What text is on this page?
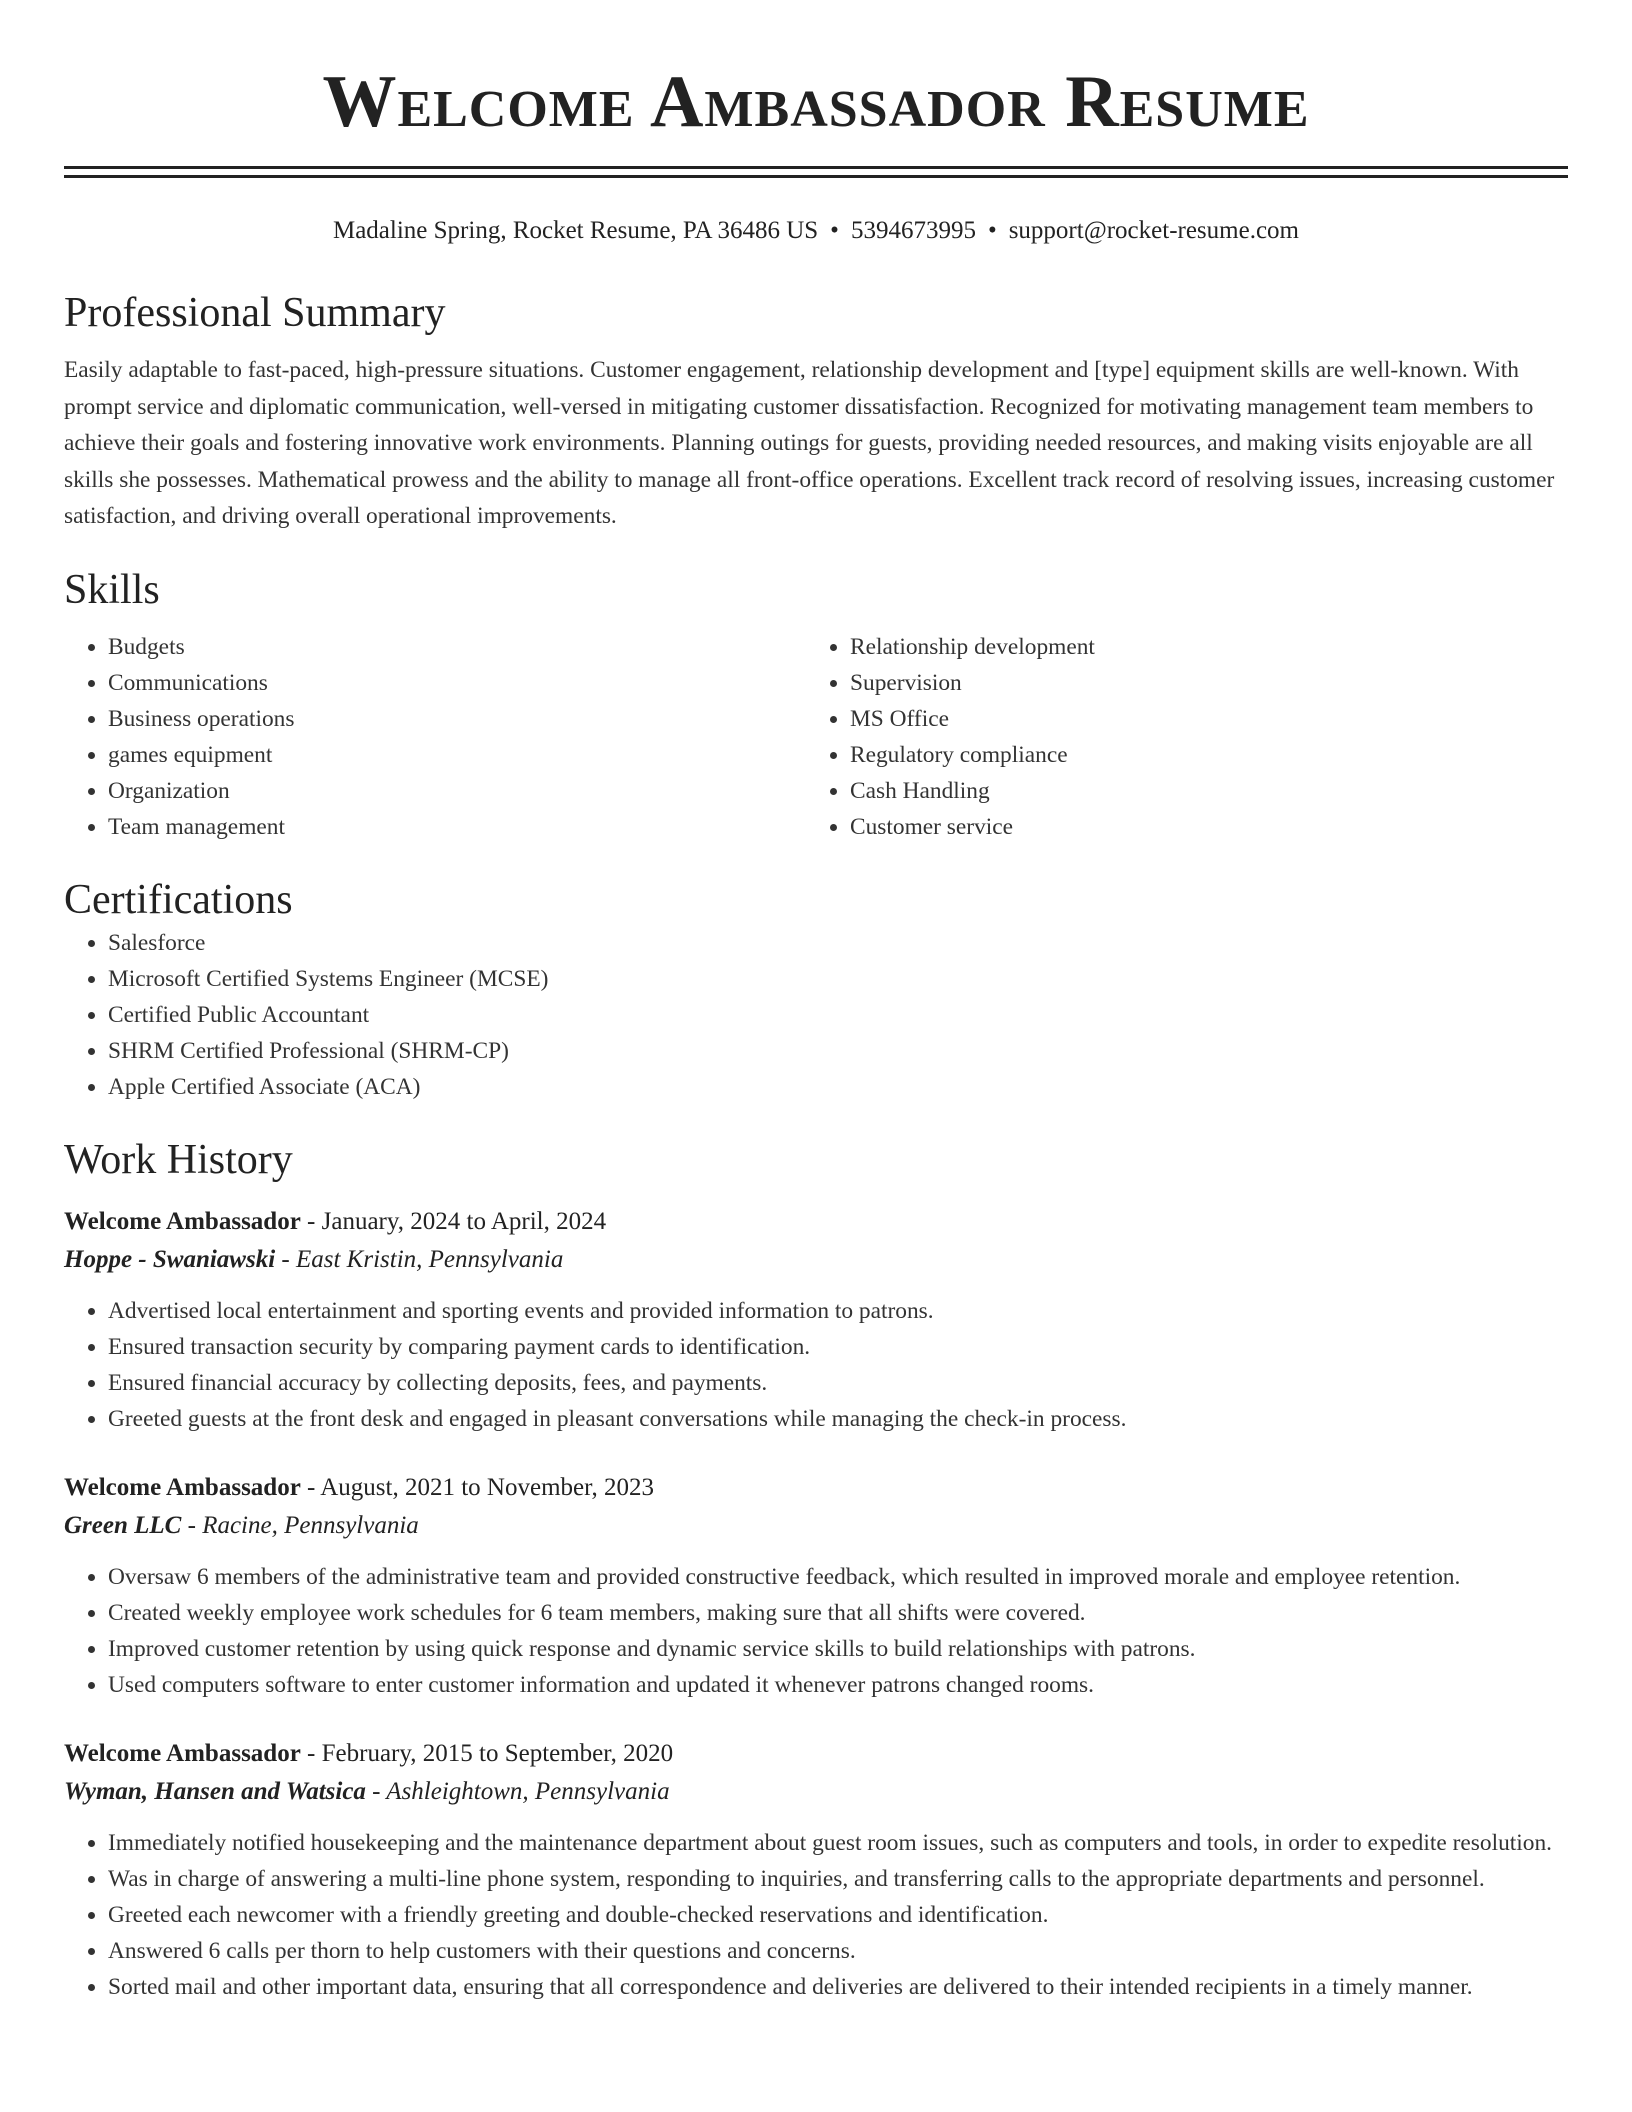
Welcome Ambassador Resume
Madaline Spring, Rocket Resume, PA 36486 US • 5394673995 • support@rocket-resume.com
Professional Summary

Easily adaptable to fast-paced, high-pressure situations. Customer engagement, relationship development and [type] equipment skills are well-known. With prompt service and diplomatic communication, well-versed in mitigating customer dissatisfaction. Recognized for motivating management team members to achieve their goals and fostering innovative work environments. Planning outings for guests, providing needed resources, and making visits enjoyable are all skills she possesses. Mathematical prowess and the ability to manage all front-office operations. Excellent track record of resolving issues, increasing customer satisfaction, and driving overall operational improvements.

Skills
• Budgets
• Communications
• Business operations
• games equipment
• Organization
• Team management
• Relationship development
• Supervision
• MS Office
• Regulatory compliance
• Cash Handling
• Customer service
Certifications
• Salesforce
• Microsoft Certified Systems Engineer (MCSE)
• Certified Public Accountant
• SHRM Certified Professional (SHRM-CP)
• Apple Certified Associate (ACA)
Work History
Welcome Ambassador - January, 2024 to April, 2024
Hoppe - Swaniawski - East Kristin, Pennsylvania
• Advertised local entertainment and sporting events and provided information to patrons.
• Ensured transaction security by comparing payment cards to identification.
• Ensured financial accuracy by collecting deposits, fees, and payments.
• Greeted guests at the front desk and engaged in pleasant conversations while managing the check-in process.
Welcome Ambassador - August, 2021 to November, 2023
Green LLC - Racine, Pennsylvania
• Oversaw 6 members of the administrative team and provided constructive feedback, which resulted in improved morale and employee retention.
• Created weekly employee work schedules for 6 team members, making sure that all shifts were covered.
• Improved customer retention by using quick response and dynamic service skills to build relationships with patrons.
• Used computers software to enter customer information and updated it whenever patrons changed rooms.
Welcome Ambassador - February, 2015 to September, 2020
Wyman, Hansen and Watsica - Ashleightown, Pennsylvania
• Immediately notified housekeeping and the maintenance department about guest room issues, such as computers and tools, in order to expedite resolution.
• Was in charge of answering a multi-line phone system, responding to inquiries, and transferring calls to the appropriate departments and personnel.
• Greeted each newcomer with a friendly greeting and double-checked reservations and identification.
• Answered 6 calls per thorn to help customers with their questions and concerns.
• Sorted mail and other important data, ensuring that all correspondence and deliveries are delivered to their intended recipients in a timely manner.
